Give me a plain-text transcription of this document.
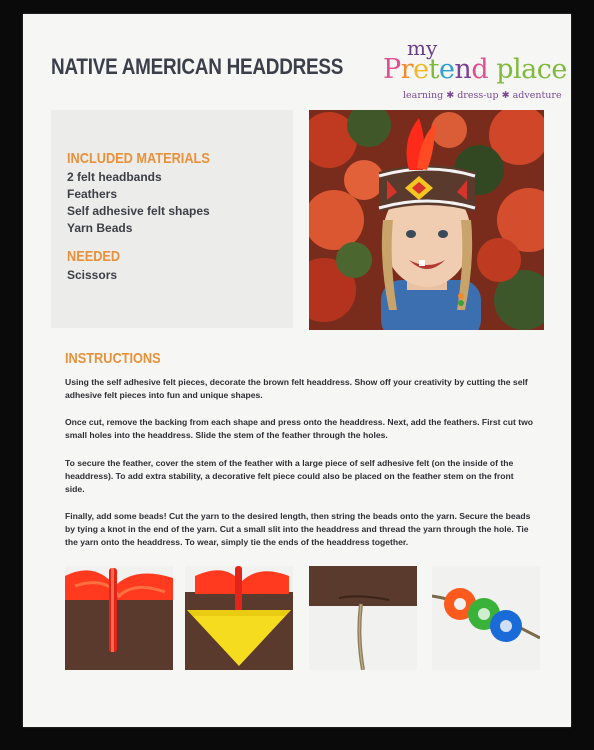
NATIVE AMERICAN HEADDRESS
my
Pretend place
learning ✱ dress-up ✱ adventure
INCLUDED MATERIALS
2 felt headbands
Feathers
Self adhesive felt shapes
Yarn Beads
NEEDED
Scissors
INSTRUCTIONS
Using the self adhesive felt pieces, decorate the brown felt headdress. Show off your creativity by cutting the self adhesive felt pieces into fun and unique shapes.
Once cut, remove the backing from each shape and press onto the headdress. Next, add the feathers. First cut two small holes into the headdress. Slide the stem of the feather through the holes.
To secure the feather, cover the stem of the feather with a large piece of self adhesive felt (on the inside of the headdress). To add extra stability, a decorative felt piece could also be placed on the feather stem on the front side.
Finally, add some beads! Cut the yarn to the desired length, then string the beads onto the yarn. Secure the beads by tying a knot in the end of the yarn. Cut a small slit into the headdress and thread the yarn through the hole. Tie the yarn onto the headdress. To wear, simply tie the ends of the headdress together.
